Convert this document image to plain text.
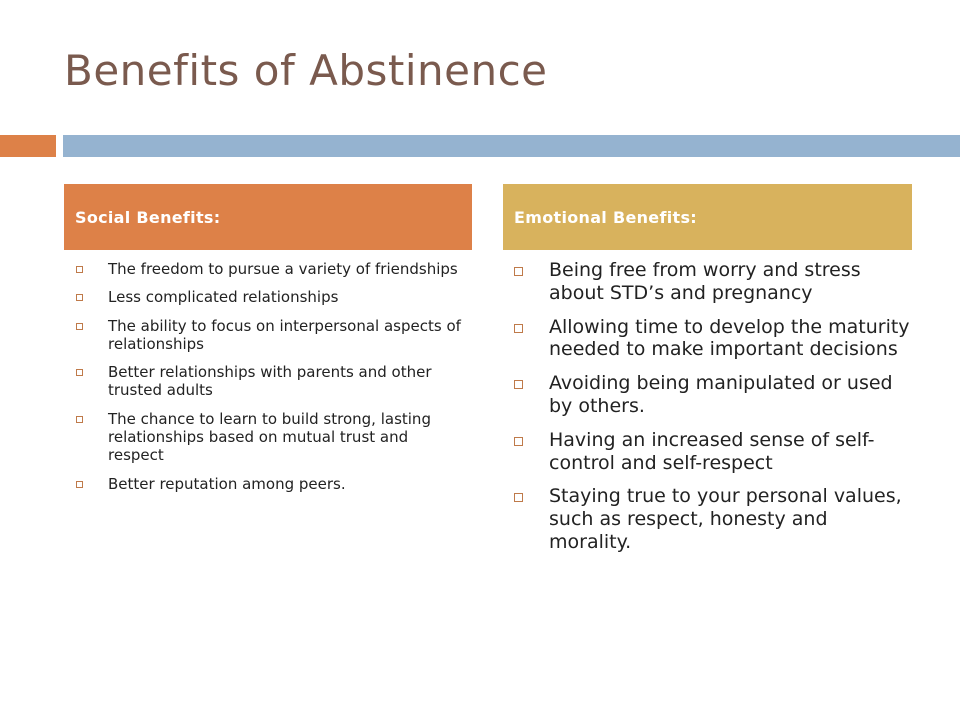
Benefits of Abstinence
Social Benefits:	Emotional Benefits:
The freedom to pursue a variety of friendships
Less complicated relationships
The ability to focus on interpersonal aspects of relationships
Better relationships with parents and other trusted adults
The chance to learn to build strong, lasting relationships based on mutual trust and respect
Better reputation among peers.
Being free from worry and stress about STD’s and pregnancy
Allowing time to develop the maturity needed to make important decisions
Avoiding being manipulated or used by others.
Having an increased sense of self-control and self-respect
Staying true to your personal values, such as respect, honesty and morality.
